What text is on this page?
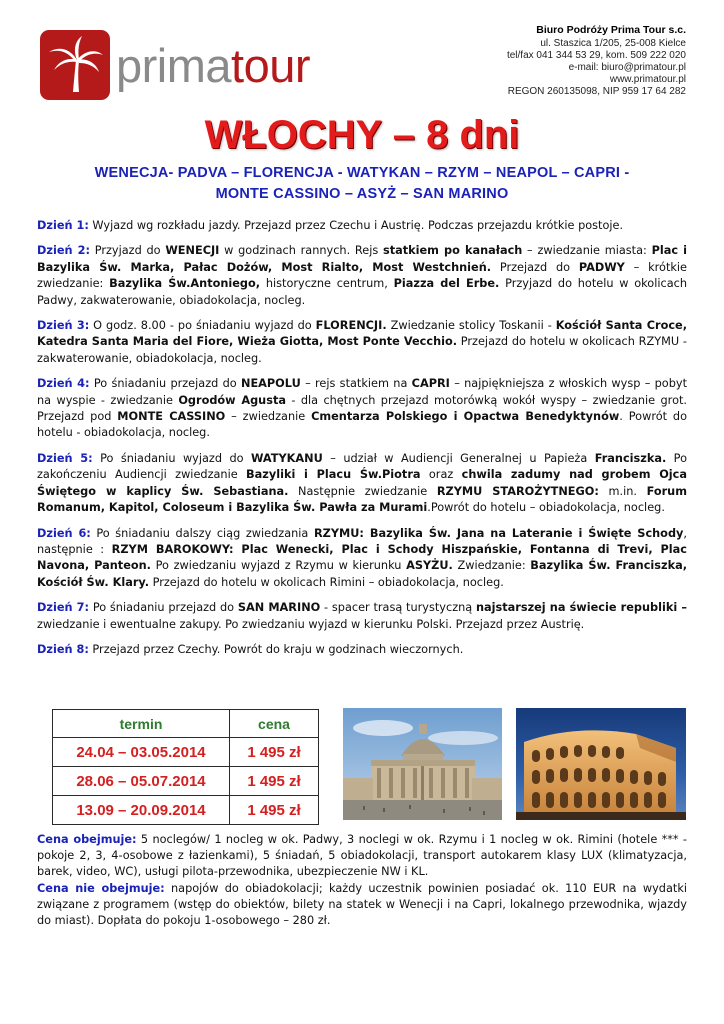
primatour
Biuro Podróży Prima Tour s.c.
ul. Staszica 1/205, 25-008 Kielce
tel/fax 041 344 53 29, kom. 509 222 020
e-mail: biuro@primatour.pl
www.primatour.pl
REGON 260135098, NIP 959 17 64 282
WŁOCHY – 8 dni
WENECJA- PADVA – FLORENCJA - WATYKAN – RZYM – NEAPOL – CAPRI -
MONTE CASSINO – ASYŻ – SAN MARINO

Dzień 1: Wyjazd wg rozkładu jazdy. Przejazd przez Czechu i Austrię. Podczas przejazdu krótkie postoje.

Dzień 2: Przyjazd do WENECJI w godzinach rannych. Rejs statkiem po kanałach – zwiedzanie miasta: Plac i Bazylika Św. Marka, Pałac Dożów, Most Rialto, Most Westchnień. Przejazd do PADWY – krótkie zwiedzanie: Bazylika Św.Antoniego, historyczne centrum, Piazza del Erbe. Przyjazd do hotelu w okolicach Padwy, zakwaterowanie, obiadokolacja, nocleg.

Dzień 3: O godz. 8.00 - po śniadaniu wyjazd do FLORENCJI. Zwiedzanie stolicy Toskanii - Kościół Santa Croce, Katedra Santa Maria del Fiore, Wieża Giotta, Most Ponte Vecchio. Przejazd do hotelu w okolicach RZYMU - zakwaterowanie, obiadokolacja, nocleg.

Dzień 4: Po śniadaniu przejazd do NEAPOLU – rejs statkiem na CAPRI – najpiękniejsza z włoskich wysp – pobyt na wyspie - zwiedzanie Ogrodów Agusta - dla chętnych przejazd motorówką wokół wyspy – zwiedzanie grot. Przejazd pod MONTE CASSINO – zwiedzanie Cmentarza Polskiego i Opactwa Benedyktynów. Powrót do hotelu - obiadokolacja, nocleg.

Dzień 5: Po śniadaniu wyjazd do WATYKANU – udział w Audiencji Generalnej u Papieża Franciszka. Po zakończeniu Audiencji zwiedzanie Bazyliki i Placu Św.Piotra oraz chwila zadumy nad grobem Ojca Świętego w kaplicy Św. Sebastiana. Następnie zwiedzanie RZYMU STAROŻYTNEGO: m.in. Forum Romanum, Kapitol, Coloseum i Bazylika Św. Pawła za Murami.Powrót do hotelu – obiadokolacja, nocleg.

Dzień 6: Po śniadaniu dalszy ciąg zwiedzania RZYMU: Bazylika Św. Jana na Lateranie i Święte Schody, następnie : RZYM BAROKOWY: Plac Wenecki, Plac i Schody Hiszpańskie, Fontanna di Trevi, Plac Navona, Panteon. Po zwiedzaniu wyjazd z Rzymu w kierunku ASYŻU. Zwiedzanie: Bazylika Św. Franciszka, Kościół Św. Klary. Przejazd do hotelu w okolicach Rimini – obiadokolacja, nocleg.

Dzień 7: Po śniadaniu przejazd do SAN MARINO - spacer trasą turystyczną najstarszej na świecie republiki – zwiedzanie i ewentualne zakupy. Po zwiedzaniu wyjazd w kierunku Polski. Przejazd przez Austrię.

Dzień 8: Przejazd przez Czechy. Powrót do kraju w godzinach wieczornych.

termin	cena
24.04 – 03.05.2014	1 495 zł
28.06 – 05.07.2014	1 495 zł
13.09 – 20.09.2014	1 495 zł
Cena obejmuje: 5 noclegów/ 1 nocleg w ok. Padwy, 3 noclegi w ok. Rzymu i 1 nocleg w ok. Rimini (hotele *** - pokoje 2, 3, 4-osobowe z łazienkami), 5 śniadań, 5 obiadokolacji, transport autokarem klasy LUX (klimatyzacja, barek, video, WC), usługi pilota-przewodnika, ubezpieczenie NW i KL.
Cena nie obejmuje: napojów do obiadokolacji; każdy uczestnik powinien posiadać ok. 110 EUR na wydatki związane z programem (wstęp do obiektów, bilety na statek w Wenecji i na Capri, lokalnego przewodnika, wjazdy do miast). Dopłata do pokoju 1-osobowego – 280 zł.
